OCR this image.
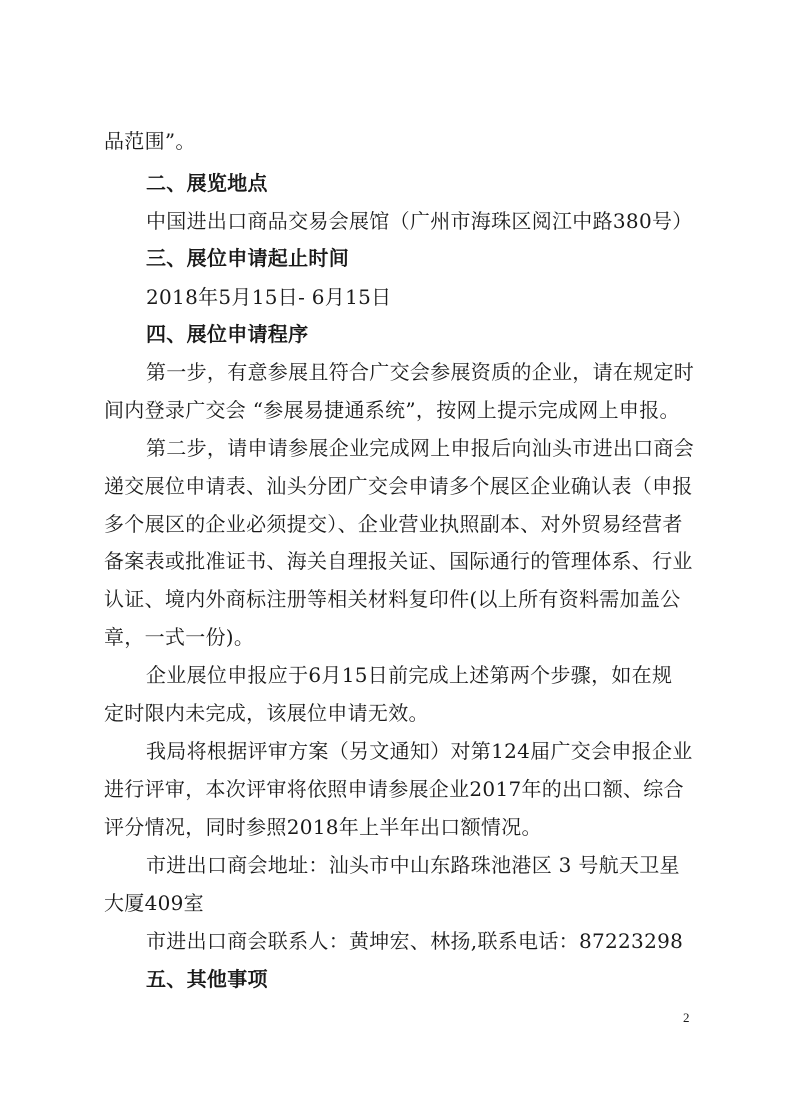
品范围”。
二、展览地点
中国进出口商品交易会展馆（广州市海珠区阅江中路380号）
三、展位申请起止时间
2018年5月15日- 6月15日
四、展位申请程序
第一步，有意参展且符合广交会参展资质的企业，请在规定时
间内登录广交会 “参展易捷通系统”，按网上提示完成网上申报。
第二步，请申请参展企业完成网上申报后向汕头市进出口商会
递交展位申请表、汕头分团广交会申请多个展区企业确认表（申报
多个展区的企业必须提交）、企业营业执照副本、对外贸易经营者
备案表或批准证书、海关自理报关证、国际通行的管理体系、行业
认证、境内外商标注册等相关材料复印件(以上所有资料需加盖公
章，一式一份)。
企业展位申报应于6月15日前完成上述第两个步骤，如在规
定时限内未完成，该展位申请无效。
我局将根据评审方案（另文通知）对第124届广交会申报企业
进行评审，本次评审将依照申请参展企业2017年的出口额、综合
评分情况，同时参照2018年上半年出口额情况。
市进出口商会地址：汕头市中山东路珠池港区 3 号航天卫星
大厦409室
市进出口商会联系人：黄坤宏、林扬,联系电话：87223298
五、其他事项
2
